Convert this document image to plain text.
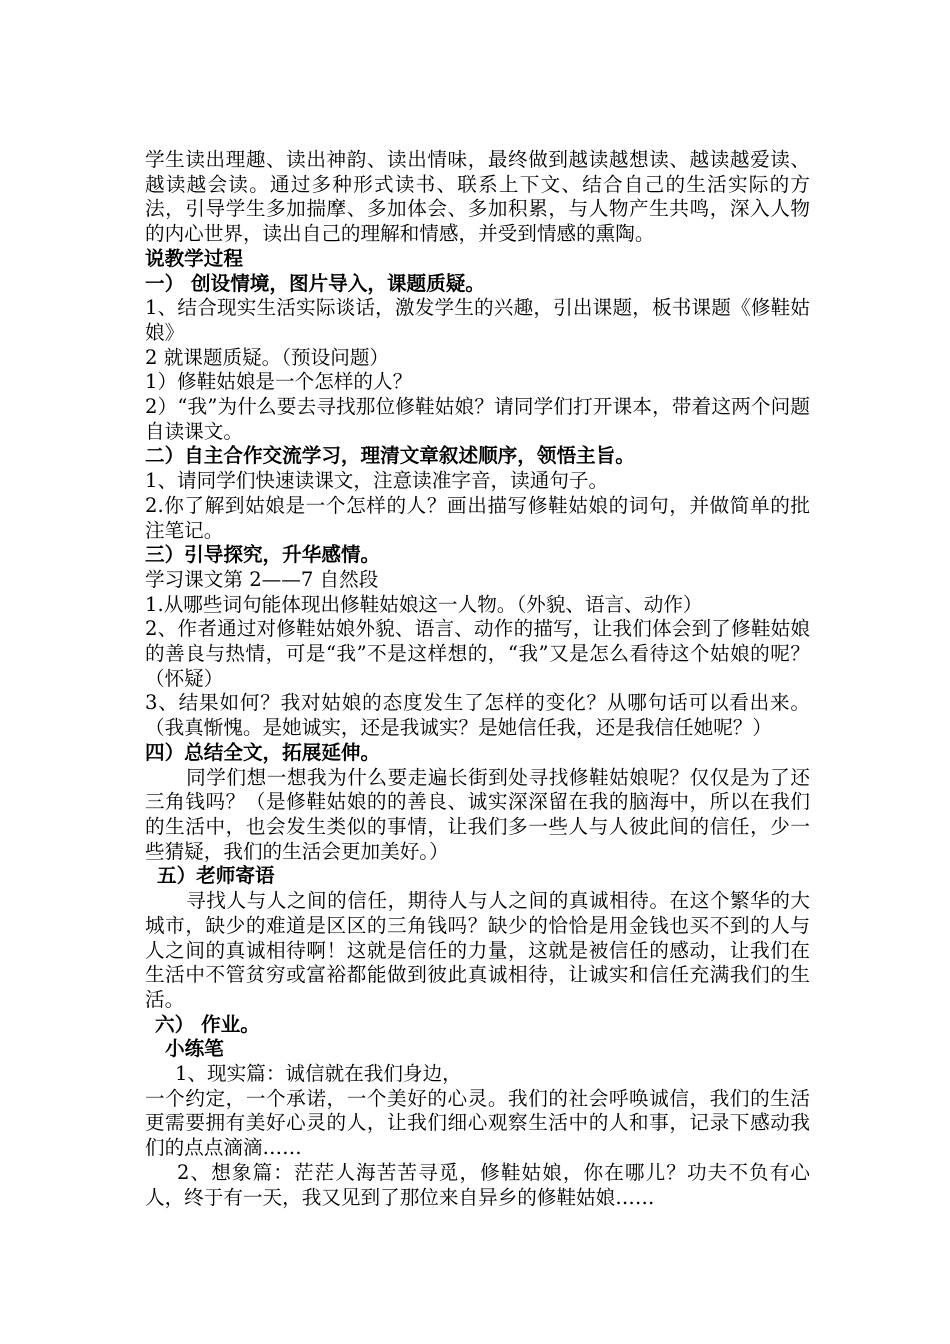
学生读出理趣、读出神韵、读出情味，最终做到越读越想读、越读越爱读、越读越会读。通过多种形式读书、联系上下文、结合自己的生活实际的方法，引导学生多加揣摩、多加体会、多加积累，与人物产生共鸣，深入人物的内心世界，读出自己的理解和情感，并受到情感的熏陶。

说教学过程

一） 创设情境，图片导入，课题质疑。

1、结合现实生活实际谈话，激发学生的兴趣，引出课题，板书课题《修鞋姑娘》

2 就课题质疑。（预设问题）

1）修鞋姑娘是一个怎样的人？

2）“我”为什么要去寻找那位修鞋姑娘？请同学们打开课本，带着这两个问题自读课文。

二）自主合作交流学习，理清文章叙述顺序，领悟主旨。

1、请同学们快速读课文，注意读准字音，读通句子。

2.你了解到姑娘是一个怎样的人？画出描写修鞋姑娘的词句，并做简单的批注笔记。

三）引导探究，升华感情。

学习课文第 2——7 自然段

1.从哪些词句能体现出修鞋姑娘这一人物。（外貌、语言、动作）

2、作者通过对修鞋姑娘外貌、语言、动作的描写，让我们体会到了修鞋姑娘的善良与热情，可是“我”不是这样想的，“我”又是怎么看待这个姑娘的呢？（怀疑）

3、结果如何？我对姑娘的态度发生了怎样的变化？从哪句话可以看出来。（我真惭愧。是她诚实，还是我诚实？是她信任我，还是我信任她呢？）

四）总结全文，拓展延伸。

同学们想一想我为什么要走遍长街到处寻找修鞋姑娘呢？仅仅是为了还三角钱吗？（是修鞋姑娘的的善良、诚实深深留在我的脑海中，所以在我们的生活中，也会发生类似的事情，让我们多一些人与人彼此间的信任，少一些猜疑，我们的生活会更加美好。）

五）老师寄语

寻找人与人之间的信任，期待人与人之间的真诚相待。在这个繁华的大城市，缺少的难道是区区的三角钱吗？缺少的恰恰是用金钱也买不到的人与人之间的真诚相待啊！这就是信任的力量，这就是被信任的感动，让我们在生活中不管贫穷或富裕都能做到彼此真诚相待，让诚实和信任充满我们的生活。

六） 作业。

小练笔

1、现实篇：诚信就在我们身边，

一个约定，一个承诺，一个美好的心灵。我们的社会呼唤诚信，我们的生活更需要拥有美好心灵的人，让我们细心观察生活中的人和事，记录下感动我们的点点滴滴……

2、想象篇：茫茫人海苦苦寻觅，修鞋姑娘，你在哪儿？功夫不负有心人，终于有一天，我又见到了那位来自异乡的修鞋姑娘……
